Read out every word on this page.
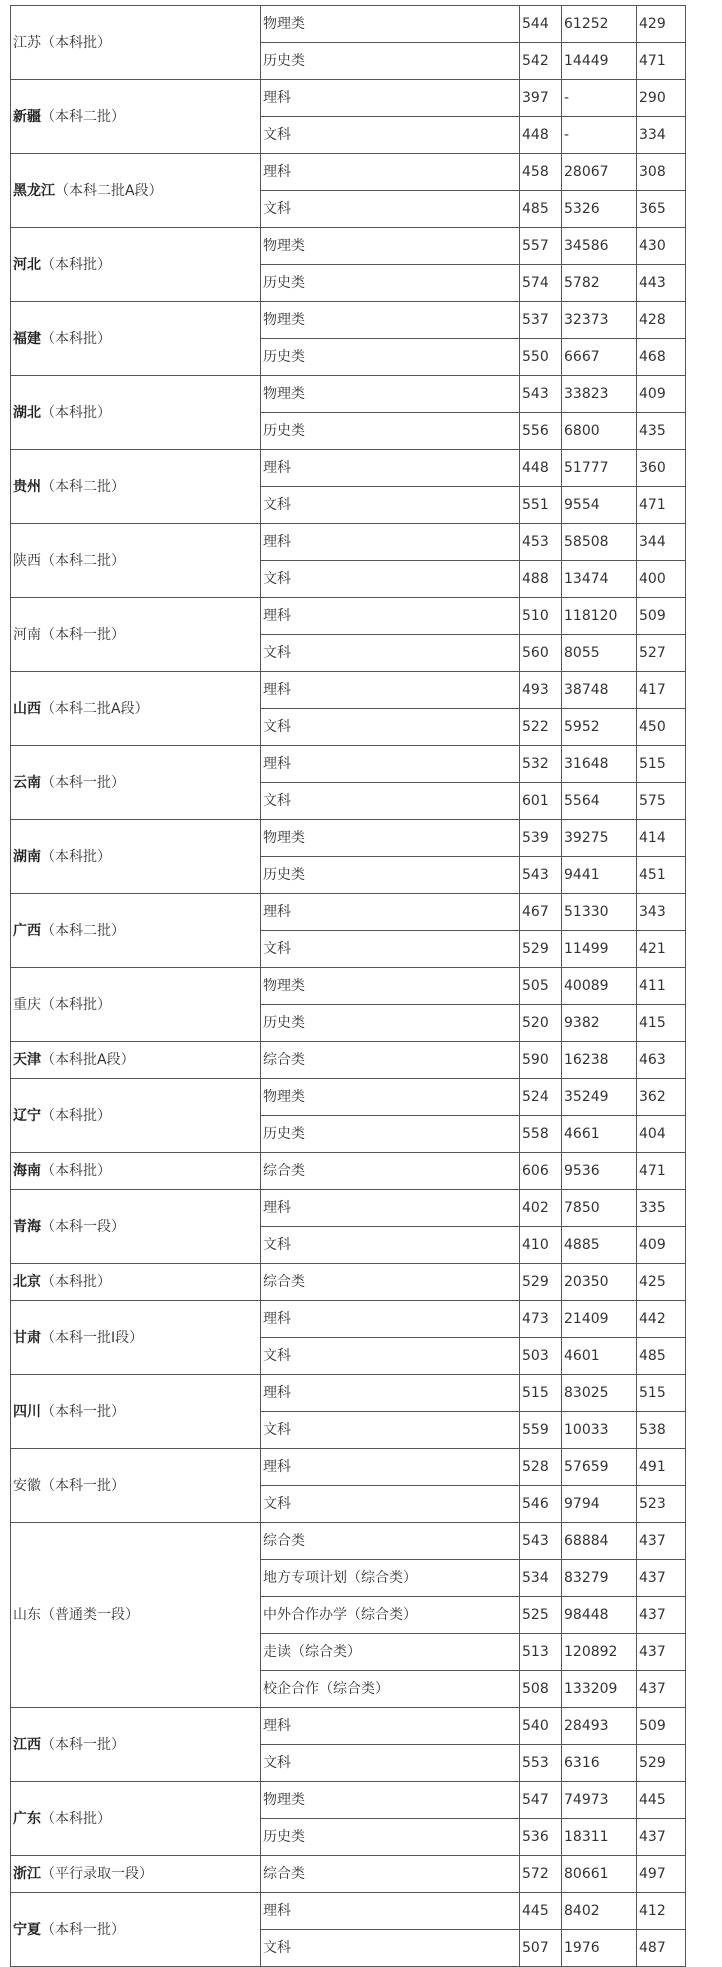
江苏（本科批）	物理类	544	61252	429
	历史类	542	14449	471
新疆（本科二批）	理科	397	-	290
	文科	448	-	334
黑龙江（本科二批A段）	理科	458	28067	308
	文科	485	5326	365
河北（本科批）	物理类	557	34586	430
	历史类	574	5782	443
福建（本科批）	物理类	537	32373	428
	历史类	550	6667	468
湖北（本科批）	物理类	543	33823	409
	历史类	556	6800	435
贵州（本科二批）	理科	448	51777	360
	文科	551	9554	471
陕西（本科二批）	理科	453	58508	344
	文科	488	13474	400
河南（本科一批）	理科	510	118120	509
	文科	560	8055	527
山西（本科二批A段）	理科	493	38748	417
	文科	522	5952	450
云南（本科一批）	理科	532	31648	515
	文科	601	5564	575
湖南（本科批）	物理类	539	39275	414
	历史类	543	9441	451
广西（本科二批）	理科	467	51330	343
	文科	529	11499	421
重庆（本科批）	物理类	505	40089	411
	历史类	520	9382	415
天津（本科批A段）	综合类	590	16238	463
辽宁（本科批）	物理类	524	35249	362
	历史类	558	4661	404
海南（本科批）	综合类	606	9536	471
青海（本科一段）	理科	402	7850	335
	文科	410	4885	409
北京（本科批）	综合类	529	20350	425
甘肃（本科一批I段）	理科	473	21409	442
	文科	503	4601	485
四川（本科一批）	理科	515	83025	515
	文科	559	10033	538
安徽（本科一批）	理科	528	57659	491
	文科	546	9794	523
山东（普通类一段）	综合类	543	68884	437
	地方专项计划（综合类）	534	83279	437
	中外合作办学（综合类）	525	98448	437
	走读（综合类）	513	120892	437
	校企合作（综合类）	508	133209	437
江西（本科一批）	理科	540	28493	509
	文科	553	6316	529
广东（本科批）	物理类	547	74973	445
	历史类	536	18311	437
浙江（平行录取一段）	综合类	572	80661	497
宁夏（本科一批）	理科	445	8402	412
	文科	507	1976	487
